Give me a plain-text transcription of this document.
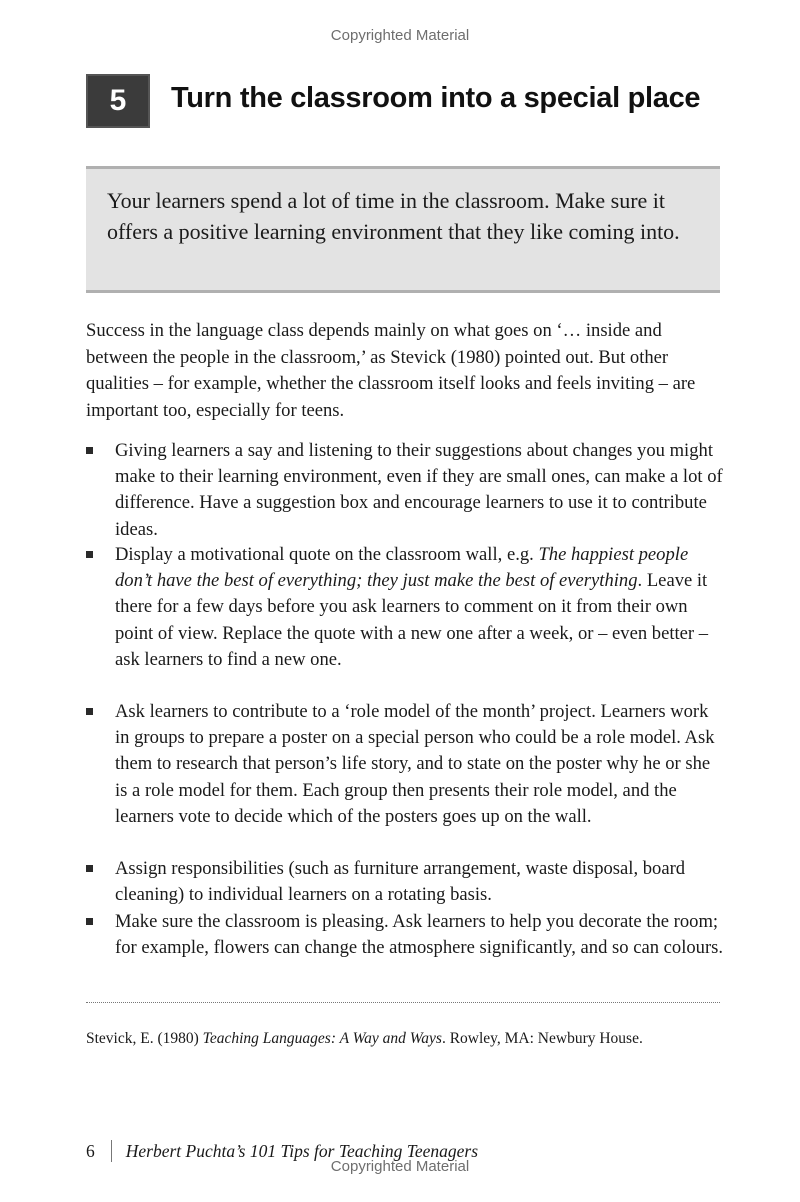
Copyrighted Material
5	Turn the classroom into a special place
Your learners spend a lot of time in the classroom. Make sure it offers a positive learning environment that they like coming into.
Success in the language class depends mainly on what goes on ‘… inside and between the people in the classroom,’ as Stevick (1980) pointed out. But other qualities – for example, whether the classroom itself looks and feels inviting – are important too, especially for teens.
Giving learners a say and listening to their suggestions about changes you might make to their learning environment, even if they are small ones, can make a lot of difference. Have a suggestion box and encourage learners to use it to contribute ideas.
Display a motivational quote on the classroom wall, e.g. The happiest people don’t have the best of everything; they just make the best of everything. Leave it there for a few days before you ask learners to comment on it from their own point of view. Replace the quote with a new one after a week, or – even better – ask learners to find a new one.
Ask learners to contribute to a ‘role model of the month’ project. Learners work in groups to prepare a poster on a special person who could be a role model. Ask them to research that person’s life story, and to state on the poster why he or she is a role model for them. Each group then presents their role model, and the learners vote to decide which of the posters goes up on the wall.
Assign responsibilities (such as furniture arrangement, waste disposal, board cleaning) to individual learners on a rotating basis.
Make sure the classroom is pleasing. Ask learners to help you decorate the room; for example, flowers can change the atmosphere significantly, and so can colours.
Stevick, E. (1980) Teaching Languages: A Way and Ways. Rowley, MA: Newbury House.
6 Herbert Puchta’s 101 Tips for Teaching Teenagers
Copyrighted Material
